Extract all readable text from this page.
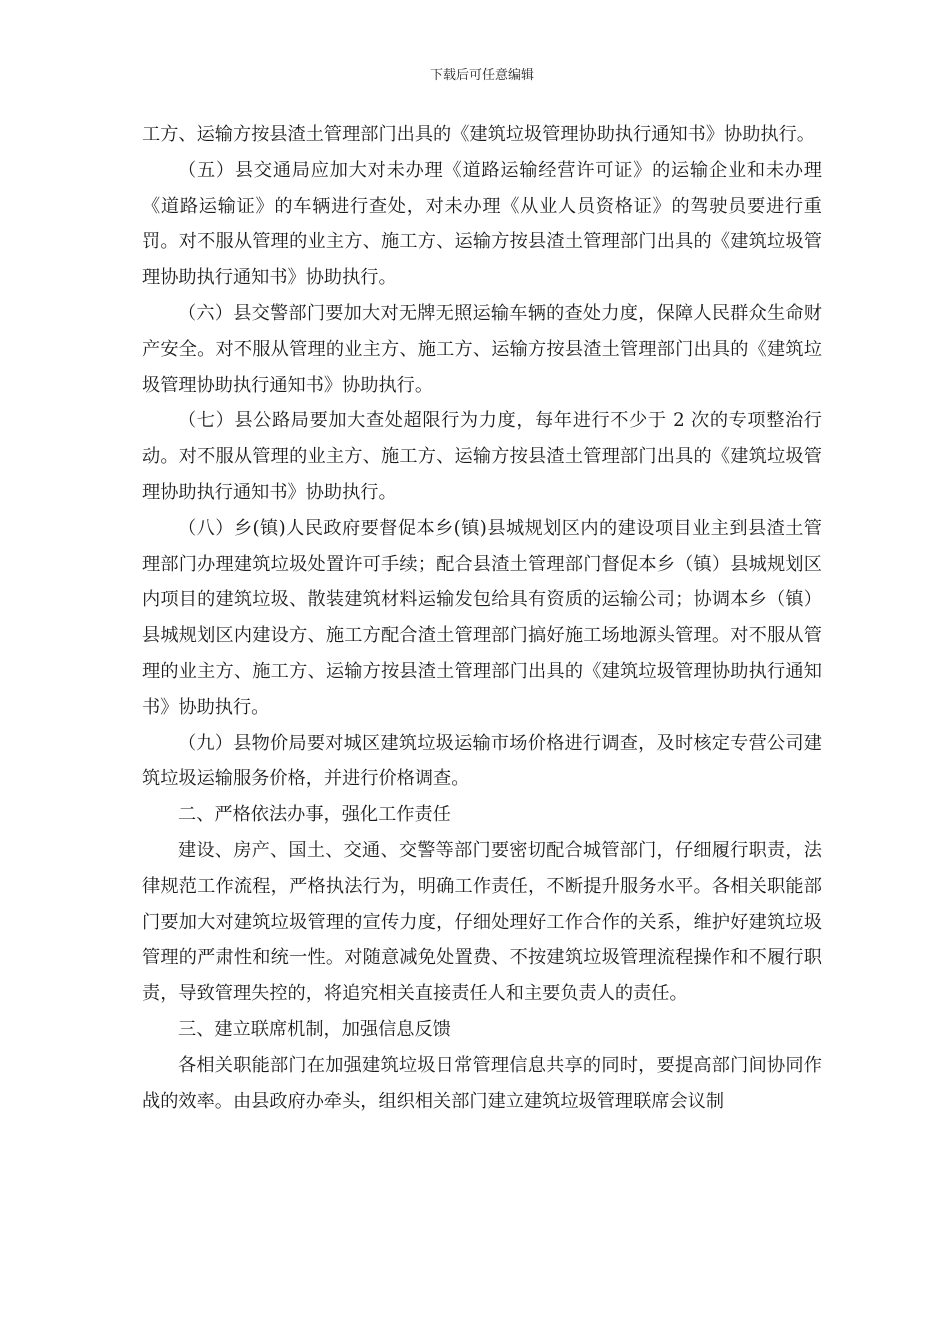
下载后可任意编辑

工方、运输方按县渣土管理部门出具的《建筑垃圾管理协助执行通知书》协助执行。

（五）县交通局应加大对未办理《道路运输经营许可证》的运输企业和未办理《道路运输证》的车辆进行查处，对未办理《从业人员资格证》的驾驶员要进行重罚。对不服从管理的业主方、施工方、运输方按县渣土管理部门出具的《建筑垃圾管理协助执行通知书》协助执行。

（六）县交警部门要加大对无牌无照运输车辆的查处力度，保障人民群众生命财产安全。对不服从管理的业主方、施工方、运输方按县渣土管理部门出具的《建筑垃圾管理协助执行通知书》协助执行。

（七）县公路局要加大查处超限行为力度，每年进行不少于 2 次的专项整治行动。对不服从管理的业主方、施工方、运输方按县渣土管理部门出具的《建筑垃圾管理协助执行通知书》协助执行。

（八）乡(镇)人民政府要督促本乡(镇)县城规划区内的建设项目业主到县渣土管理部门办理建筑垃圾处置许可手续；配合县渣土管理部门督促本乡（镇）县城规划区内项目的建筑垃圾、散装建筑材料运输发包给具有资质的运输公司；协调本乡（镇）县城规划区内建设方、施工方配合渣土管理部门搞好施工场地源头管理。对不服从管理的业主方、施工方、运输方按县渣土管理部门出具的《建筑垃圾管理协助执行通知书》协助执行。

（九）县物价局要对城区建筑垃圾运输市场价格进行调查，及时核定专营公司建筑垃圾运输服务价格，并进行价格调查。

二、严格依法办事，强化工作责任

建设、房产、国土、交通、交警等部门要密切配合城管部门，仔细履行职责，法律规范工作流程，严格执法行为，明确工作责任，不断提升服务水平。各相关职能部门要加大对建筑垃圾管理的宣传力度，仔细处理好工作合作的关系，维护好建筑垃圾管理的严肃性和统一性。对随意减免处置费、不按建筑垃圾管理流程操作和不履行职责，导致管理失控的，将追究相关直接责任人和主要负责人的责任。

三、建立联席机制，加强信息反馈

各相关职能部门在加强建筑垃圾日常管理信息共享的同时，要提高部门间协同作战的效率。由县政府办牵头，组织相关部门建立建筑垃圾管理联席会议制
